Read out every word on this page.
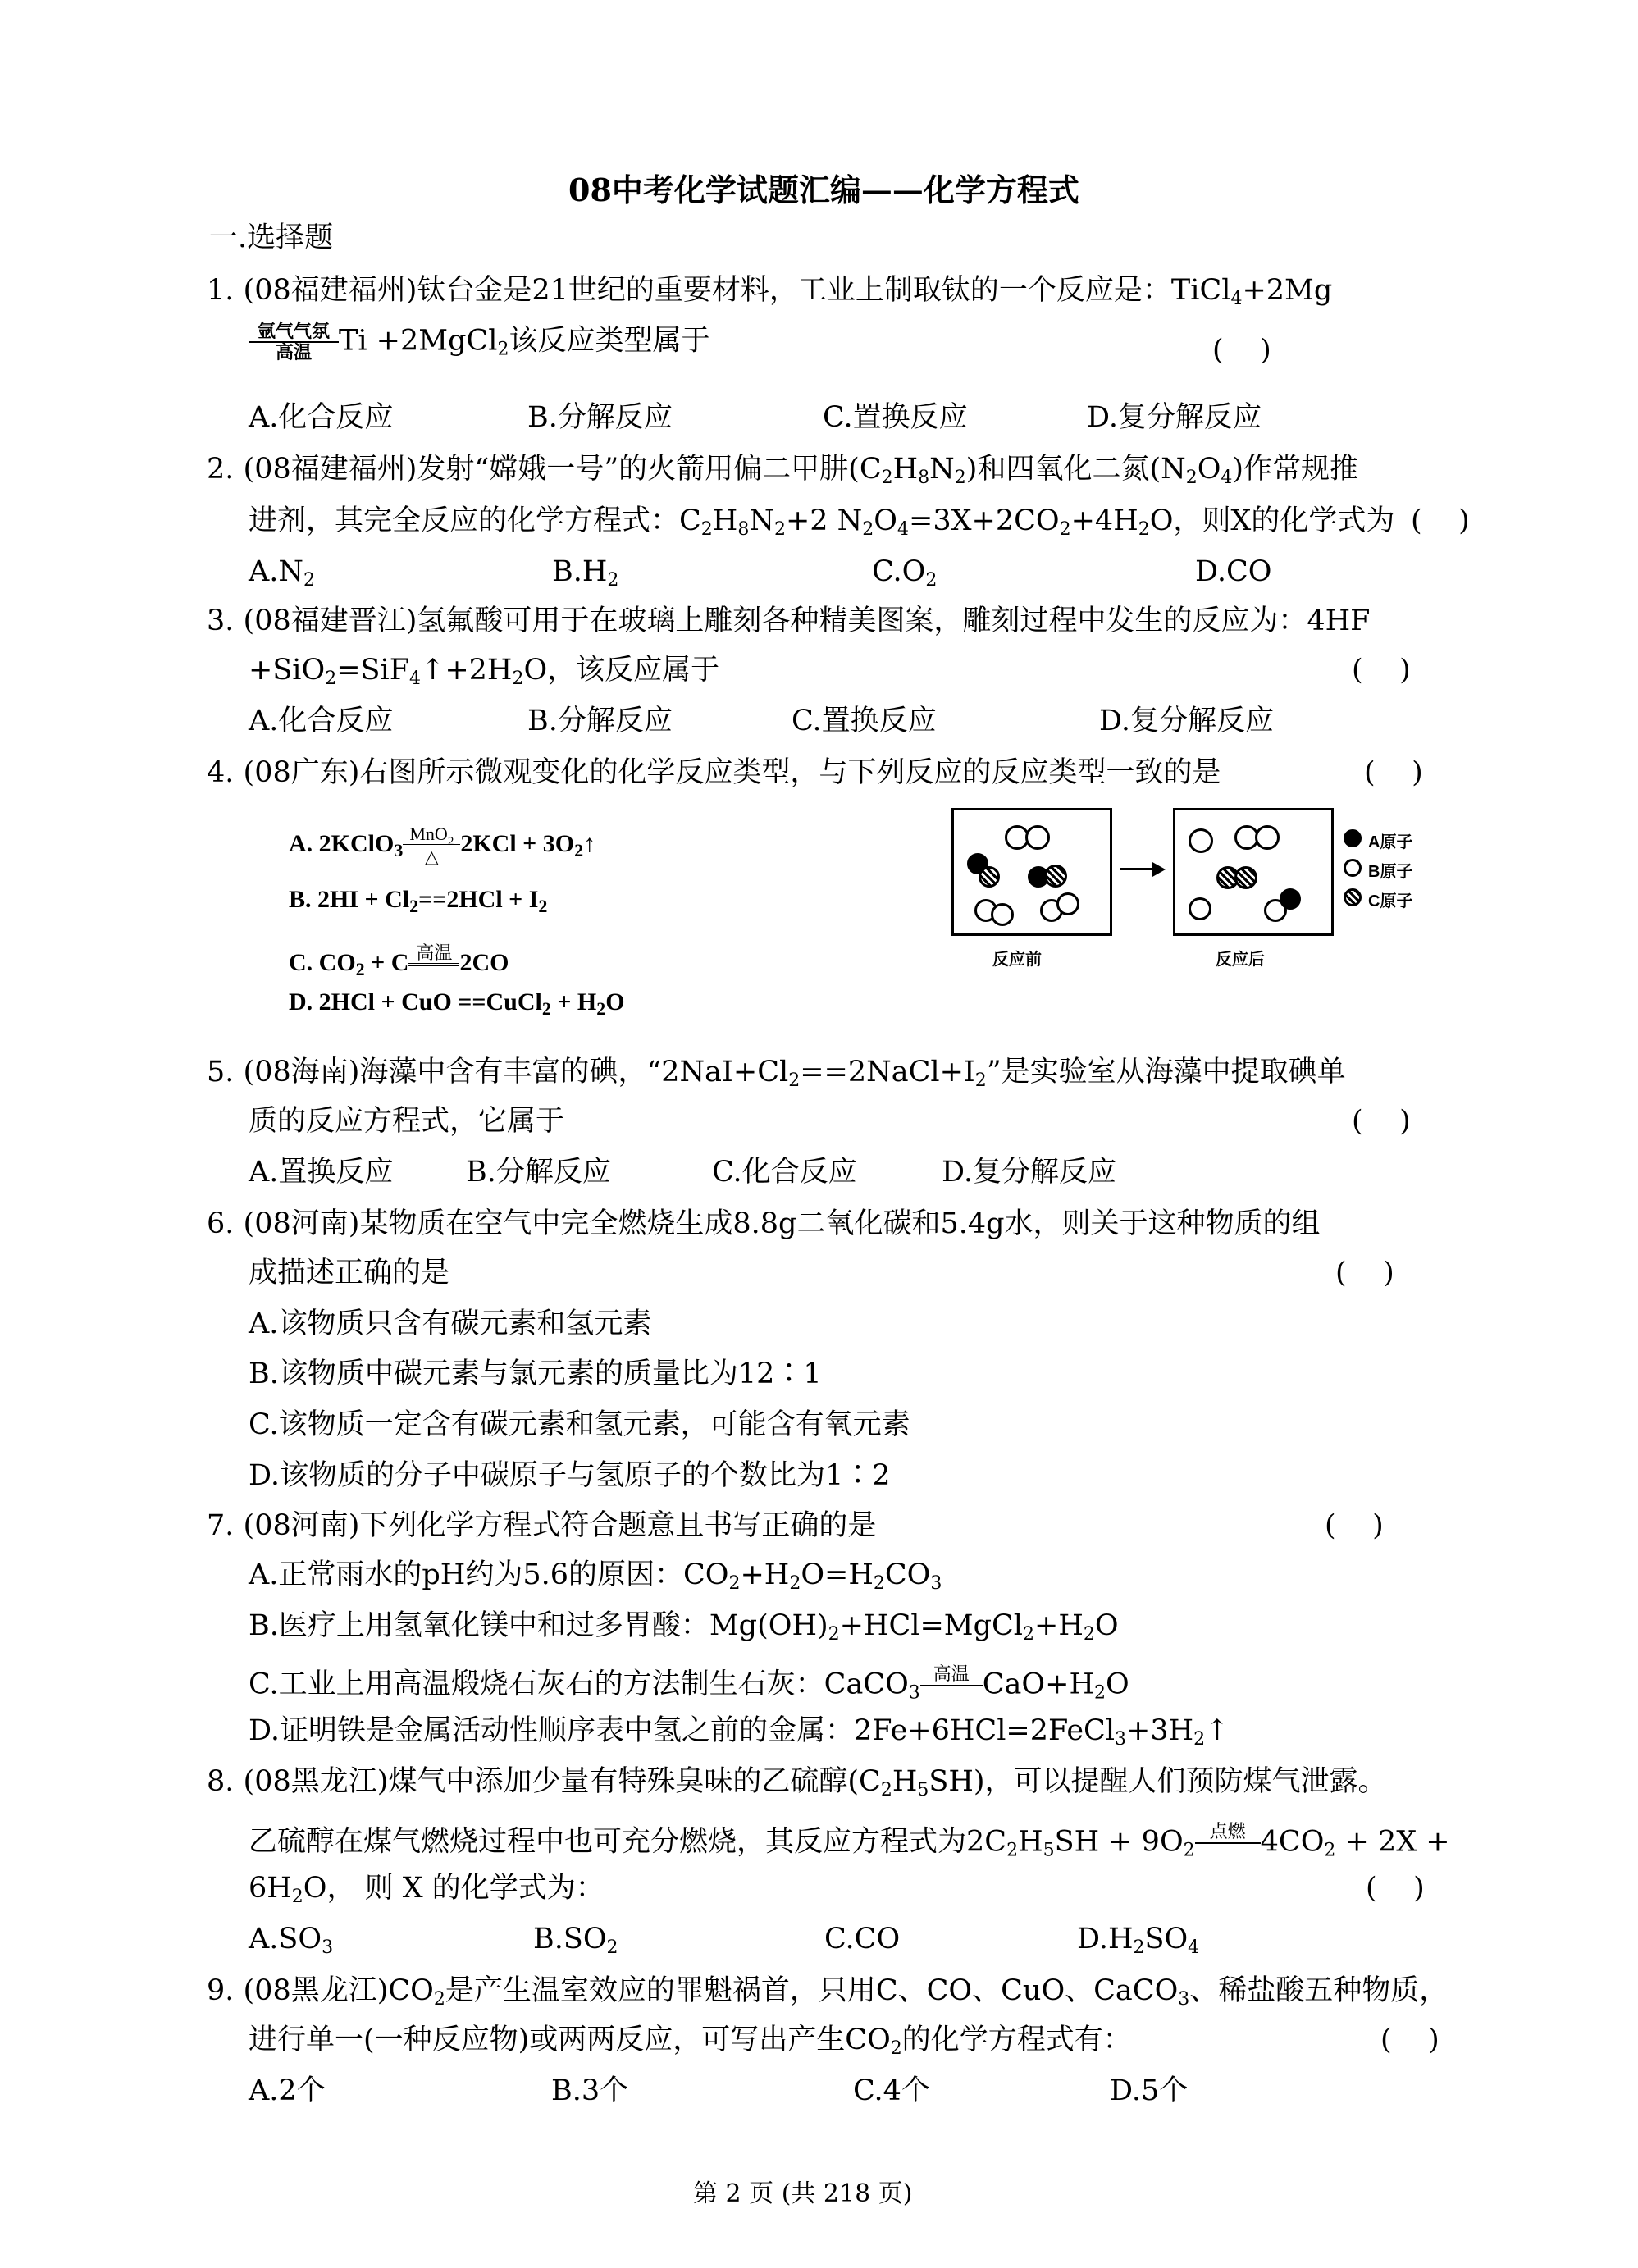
08中考化学试题汇编——化学方程式
一.选择题
1. (08福建福州)钛台金是21世纪的重要材料，工业上制取钛的一个反应是：TiCl$_4$+2Mg
氩气气氛
高温 Ti +2MgCl$_2$该反应类型属于	(    )
A.化合反应	B.分解反应	C.置换反应	D.复分解反应
2. (08福建福州)发射“嫦娥一号”的火箭用偏二甲肼$(C_2H_8N_2)$和四氧化二氮$(N_2O_4)$作常规推
进剂，其完全反应的化学方程式：$C_2H_8N_2+2$ $N_2O_4=3X+2CO_2+4H_2O$，则X的化学式为 (    )
$A.N_2$	$B.H_2$	$C.O_2$	D.CO
3. (08福建晋江)氢氟酸可用于在玻璃上雕刻各种精美图案，雕刻过程中发生的反应为：4HF
$+SiO_2=SiF_4↑+2H_2O$，该反应属于	(    )
A.化合反应	B.分解反应	C.置换反应	D.复分解反应
4. (08广东)右图所示微观变化的化学反应类型，与下列反应的反应类型一致的是	(    )
A. 2KClO$_3$
MnO$_2$
△ $2KCl + 3O_2↑$
B. $2HI + Cl_2==2HCl + I_2$
C. $CO_2 + C$ 高温
2CO
D. 2HCl + CuO ==CuCl$_2$ + $H_2O$
A原子
B原子
C原子
反应前	反应后
5. (08海南)海藻中含有丰富的碘，“$2NaI+Cl_2==2NaCl+I_2$”是实验室从海藻中提取碘单
质的反应方程式，它属于	(    )
A.置换反应	B.分解反应	C.化合反应	D.复分解反应
6. (08河南)某物质在空气中完全燃烧生成8.8g二氧化碳和5.4g水，则关于这种物质的组
成描述正确的是	(    )
A.该物质只含有碳元素和氢元素
B.该物质中碳元素与氯元素的质量比为12∶1
C.该物质一定含有碳元素和氢元素，可能含有氧元素
D.该物质的分子中碳原子与氢原子的个数比为1∶2
7. (08河南)下列化学方程式符合题意且书写正确的是	(    )
A.正常雨水的pH约为5.6的原因：$CO_2+H_2O=H_2CO_3$
B.医疗上用氢氧化镁中和过多胃酸：$Mg(OH)_2+HCl=MgCl_2+H_2O$
C.工业上用高温煅烧石灰石的方法制生石灰：CaCO$_3$
高温
$CaO+H_2O$
D.证明铁是金属活动性顺序表中氢之前的金属：$2Fe+6HCl=2FeCl_3+3H_2↑$
8. (08黑龙江)煤气中添加少量有特殊臭味的乙硫醇$(C_2H_5SH)$，可以提醒人们预防煤气泄露。
乙硫醇在煤气燃烧过程中也可充分燃烧，其反应方程式为$2C_2H_5SH + 9O_2$
点燃
$4CO_2 + 2X$ +
$6H_2O$， 则 X 的化学式为：	(    )
$A.SO_3$	$B.SO_2$	C.CO	$D.H_2SO_4$
9. (08黑龙江)$CO_2$是产生温室效应的罪魁祸首，只用C、CO、CuO、CaCO$_3$、稀盐酸五种物质，
进行单一(一种反应物)或两两反应，可写出产生$CO_2$的化学方程式有：	(    )
A.2个	B.3个	C.4个	D.5个
第 2 页 (共 218 页)
